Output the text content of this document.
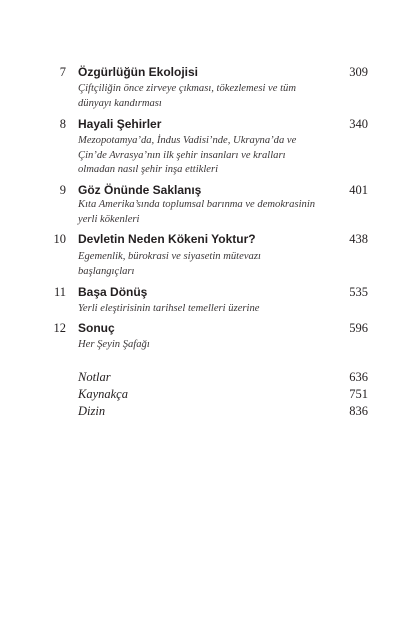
7 Özgürlüğün Ekolojisi	309
Çiftçiliğin önce zirveye çıkması, tökezlemesi ve tüm dünyayı kandırması
8 Hayali Şehirler	340
Mezopotamya’da, İndus Vadisi’nde, Ukrayna’da ve Çin’de Avrasya’nın ilk şehir insanları ve kralları olmadan nasıl şehir inşa ettikleri
9 Göz Önünde Saklanış	401
Kıta Amerika’sında toplumsal barınma ve demokrasinin yerli kökenleri
10 Devletin Neden Kökeni Yoktur?	438
Egemenlik, bürokrasi ve siyasetin mütevazı başlangıçları
11 Başa Dönüş	535
Yerli eleştirisinin tarihsel temelleri üzerine
12 Sonuç	596
Her Şeyin Şafağı
Notlar	636
Kaynakça	751
Dizin	836
